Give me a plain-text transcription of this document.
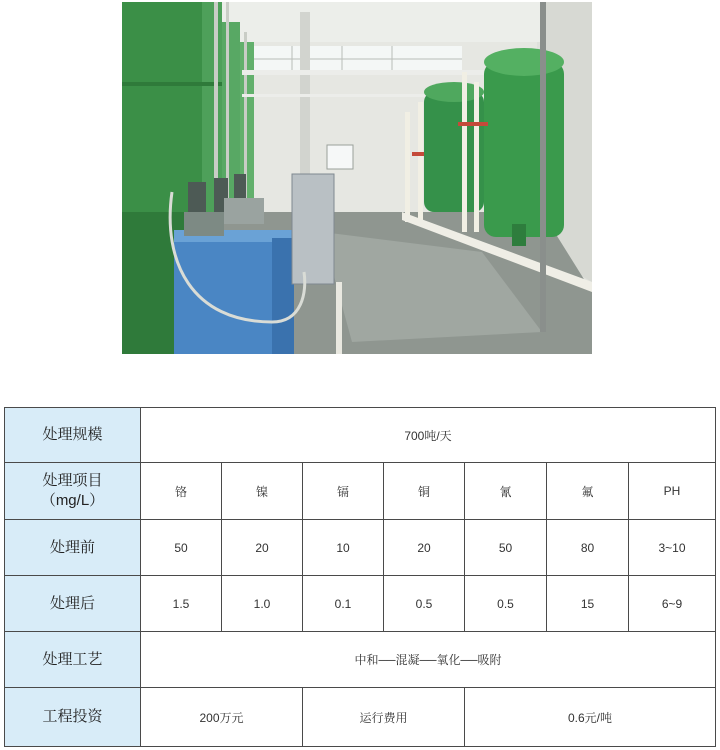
处理规模	700吨/天						

处理项目
（mg/L）	铬	镍	镉	铜	氰	氟	PH
处理前	50	20	10	20	50	80	3~10
处理后	1.5	1.0	0.1	0.5	0.5	15	6~9
处理工艺	中和──混凝──氧化──吸附						
工程投资	200万元		运行费用		0.6元/吨		
